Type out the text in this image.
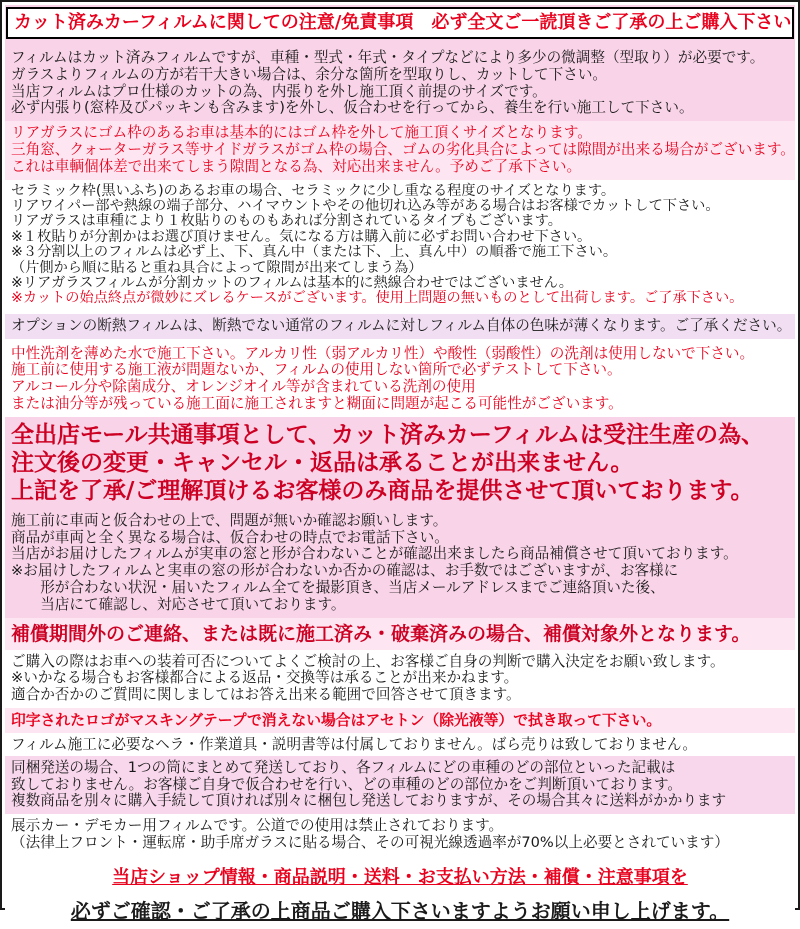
カット済みカーフィルムに関しての注意/免責事項　必ず全文ご一読頂きご了承の上ご購入下さい
フィルムはカット済みフィルムですが、車種・型式・年式・タイプなどにより多少の微調整（型取り）が必要です。
ガラスよりフィルムの方が若干大きい場合は、余分な箇所を型取りし、カットして下さい。
当店フィルムはプロ仕様のカットの為、内張りを外し施工頂く前提のサイズです。
必ず内張り(窓枠及びパッキンも含みます)を外し、仮合わせを行ってから、養生を行い施工して下さい。
リアガラスにゴム枠のあるお車は基本的にはゴム枠を外して施工頂くサイズとなります。
三角窓、クォーターガラス等サイドガラスがゴム枠の場合、ゴムの劣化具合によっては隙間が出来る場合がございます。
これは車輌個体差で出来てしまう隙間となる為、対応出来ません。予めご了承下さい。
セラミック枠(黒いふち)のあるお車の場合、セラミックに少し重なる程度のサイズとなります。
リアワイパー部や熱線の端子部分、ハイマウントやその他切れ込み等がある場合はお客様でカットして下さい。
リアガラスは車種により１枚貼りのものもあれば分割されているタイプもございます。
※１枚貼りが分割かはお選び頂けません。気になる方は購入前に必ずお問い合わせ下さい。
※３分割以上のフィルムは必ず上、下、真ん中（または下、上、真ん中）の順番で施工下さい。
（片側から順に貼ると重ね具合によって隙間が出来てしまう為）
※リアガラスフィルムが分割カットのフィルムは基本的に熱線合わせではございません。
※カットの始点終点が微妙にズレるケースがございます。使用上問題の無いものとして出荷します。ご了承下さい。
オプションの断熱フィルムは、断熱でない通常のフィルムに対しフィルム自体の色味が薄くなります。ご了承ください。
中性洗剤を薄めた水で施工下さい。アルカリ性（弱アルカリ性）や酸性（弱酸性）の洗剤は使用しないで下さい。
施工前に使用する施工液が問題ないか、フィルムの使用しない箇所で必ずテストして下さい。
アルコール分や除菌成分、オレンジオイル等が含まれている洗剤の使用
または油分等が残っている施工面に施工されますと糊面に問題が起こる可能性がございます。
全出店モール共通事項として、カット済みカーフィルムは受注生産の為、
注文後の変更・キャンセル・返品は承ることが出来ません。
上記を了承/ご理解頂けるお客様のみ商品を提供させて頂いております。
施工前に車両と仮合わせの上で、問題が無いか確認お願いします。
商品が車両と全く異なる場合は、仮合わせの時点でお電話下さい。
当店がお届けしたフィルムが実車の窓と形が合わないことが確認出来ましたら商品補償させて頂いております。
※お届けしたフィルムと実車の窓の形が合わないか否かの確認は、お手数ではございますが、お客様に
　　形が合わない状況・届いたフィルム全てを撮影頂き、当店メールアドレスまでご連絡頂いた後、
　　当店にて確認し、対応させて頂いております。
補償期間外のご連絡、または既に施工済み・破棄済みの場合、補償対象外となります。
ご購入の際はお車への装着可否についてよくご検討の上、お客様ご自身の判断で購入決定をお願い致します。
※いかなる場合もお客様都合による返品・交換等は承ることが出来かねます。
適合か否かのご質問に関しましてはお答え出来る範囲で回答させて頂きます。
印字されたロゴがマスキングテープで消えない場合はアセトン（除光液等）で拭き取って下さい。
フィルム施工に必要なヘラ・作業道具・説明書等は付属しておりません。ばら売りは致しておりません。
同梱発送の場合、1つの筒にまとめて発送しており、各フィルムにどの車種のどの部位といった記載は
致しておりません。お客様ご自身で仮合わせを行い、どの車種のどの部位かをご判断頂いております。
複数商品を別々に購入手続して頂ければ別々に梱包し発送しておりますが、その場合其々に送料がかかります
展示カー・デモカー用フィルムです。公道での使用は禁止されております。
（法律上フロント・運転席・助手席ガラスに貼る場合、その可視光線透過率が70%以上必要とされています）
当店ショップ情報・商品説明・送料・お支払い方法・補償・注意事項を
必ずご確認・ご了承の上商品ご購入下さいますようお願い申し上げます。
